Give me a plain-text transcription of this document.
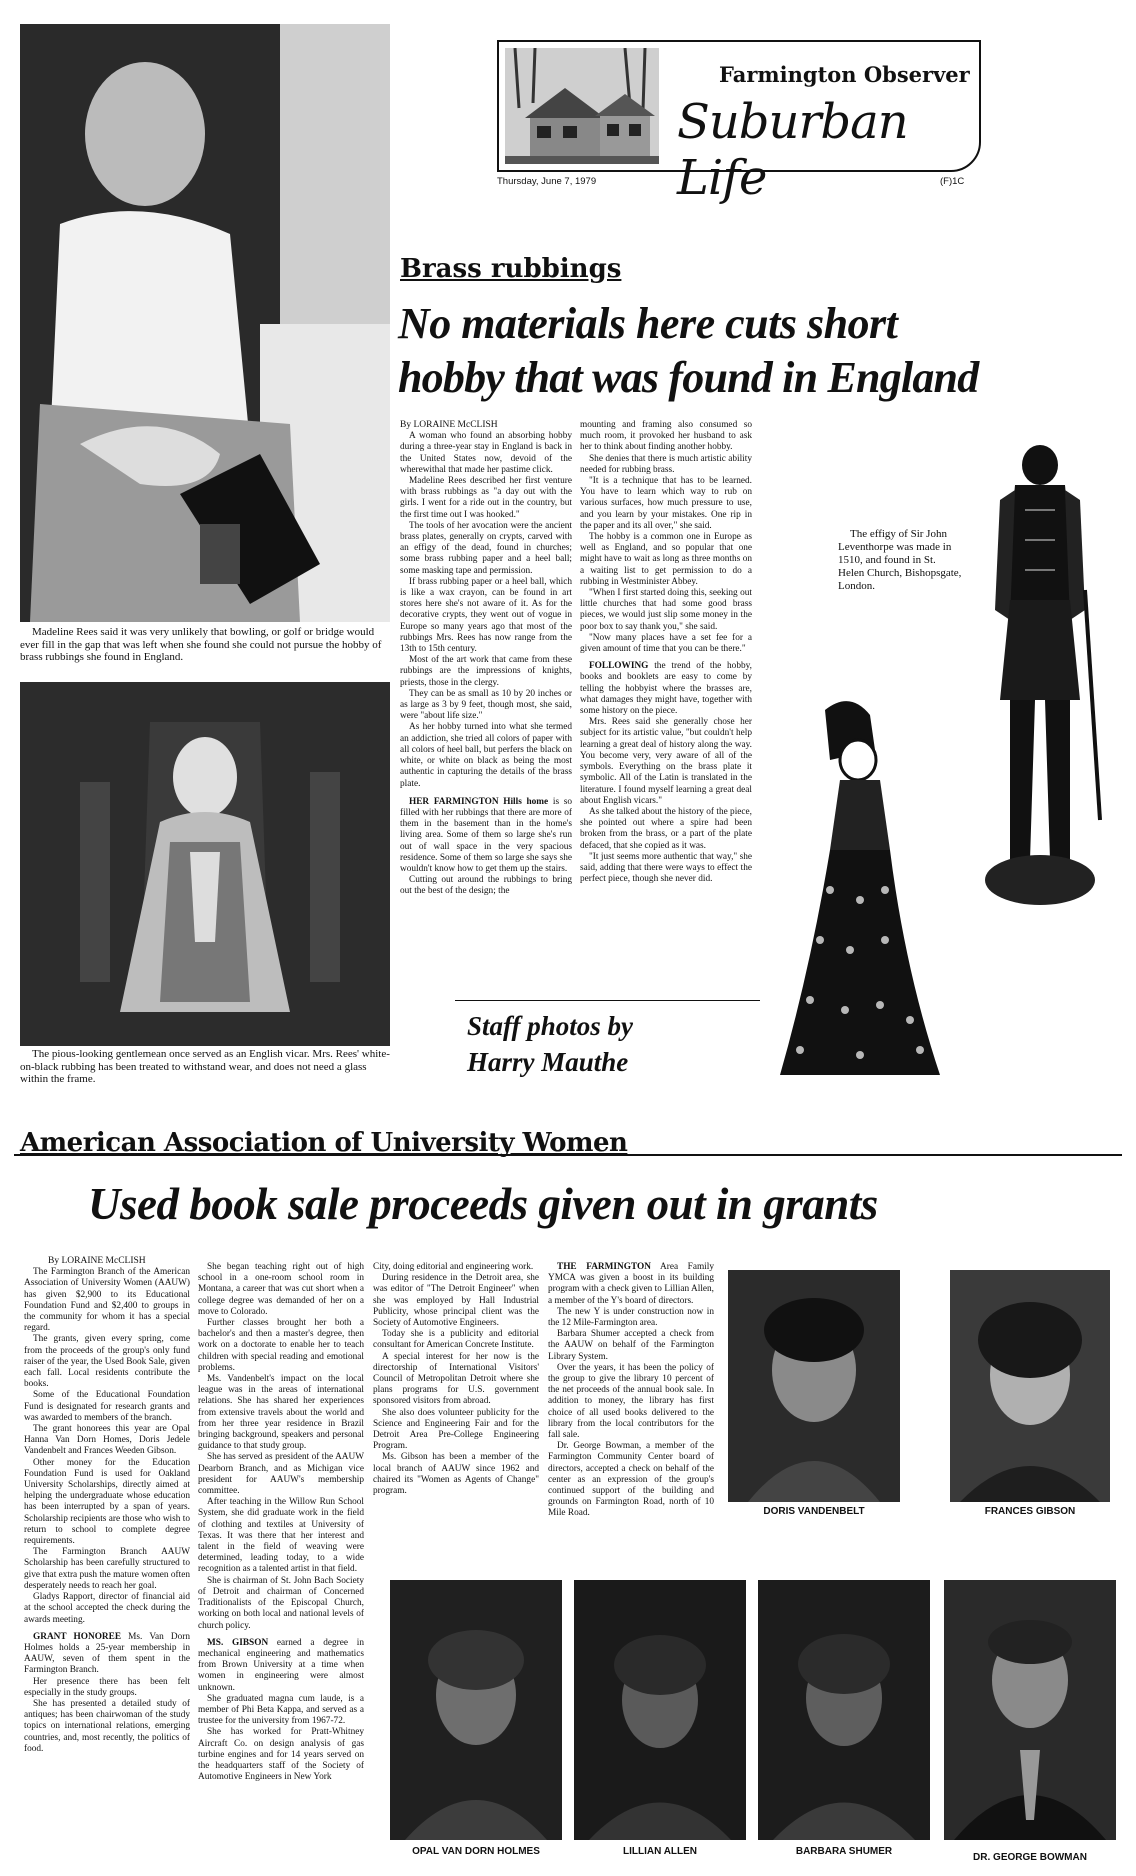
Farmington Observer
Suburban Life
Thursday, June 7, 1979	(F)1C
Brass rubbings
No materials here cuts short
hobby that was found in England
Madeline Rees said it was very unlikely that bowling, or golf or bridge would ever fill in the gap that was left when she found she could not pursue the hobby of brass rubbings she found in England.
The pious-looking gentlemean once served as an English vicar. Mrs. Rees' white-on-black rubbing has been treated to withstand wear, and does not need a glass within the frame.

By LORAINE McCLISH

A woman who found an absorbing hobby during a three-year stay in England is back in the United States now, devoid of the wherewithal that made her pastime click.

Madeline Rees described her first venture with brass rubbings as "a day out with the girls. I went for a ride out in the country, but the first time out I was hooked."

The tools of her avocation were the ancient brass plates, generally on crypts, carved with an effigy of the dead, found in churches; some brass rubbing paper and a heel ball; some masking tape and permission.

If brass rubbing paper or a heel ball, which is like a wax crayon, can be found in art stores here she's not aware of it. As for the decorative crypts, they went out of vogue in Europe so many years ago that most of the rubbings Mrs. Rees has now range from the 13th to 15th century.

Most of the art work that came from these rubbings are the impressions of knights, priests, those in the clergy.

They can be as small as 10 by 20 inches or as large as 3 by 9 feet, though most, she said, were "about life size."

As her hobby turned into what she termed an addiction, she tried all colors of paper with all colors of heel ball, but perfers the black on white, or white on black as being the most authentic in capturing the details of the brass plate.

HER FARMINGTON Hills home is so filled with her rubbings that there are more of them in the basement than in the home's living area. Some of them so large she's run out of wall space in the very spacious residence. Some of them so large she says she wouldn't know how to get them up the stairs.

Cutting out around the rubbings to bring out the best of the design; the

mounting and framing also consumed so much room, it provoked her husband to ask her to think about finding another hobby.

She denies that there is much artistic ability needed for rubbing brass.

"It is a technique that has to be learned. You have to learn which way to rub on various surfaces, how much pressure to use, and you learn by your mistakes. One rip in the paper and its all over," she said.

The hobby is a common one in Europe as well as England, and so popular that one might have to wait as long as three months on a waiting list to get permission to do a rubbing in Westminister Abbey.

"When I first started doing this, seeking out little churches that had some good brass pieces, we would just slip some money in the poor box to say thank you," she said.

"Now many places have a set fee for a given amount of time that you can be there."

FOLLOWING the trend of the hobby, books and booklets are easy to come by telling the hobbyist where the brasses are, what damages they might have, together with some history on the piece.

Mrs. Rees said she generally chose her subject for its artistic value, "but couldn't help learning a great deal of history along the way. You become very, very aware of all of the symbols. Everything on the brass plate it symbolic. All of the Latin is translated in the literature. I found myself learning a great deal about English vicars."

As she talked about the history of the piece, she pointed out where a spire had been broken from the brass, or a part of the plate defaced, that she copied as it was.

"It just seems more authentic that way," she said, adding that there were ways to effect the perfect piece, though she never did.

Staff photos by
Harry Mauthe
The effigy of Sir John Leventhorpe was made in 1510, and found in St. Helen Church, Bishopsgate, London.
American Association of University Women
Used book sale proceeds given out in grants

By LORAINE McCLISH

The Farmington Branch of the American Association of University Women (AAUW) has given $2,900 to its Educational Foundation Fund and $2,400 to groups in the community for whom it has a special regard.

The grants, given every spring, come from the proceeds of the group's only fund raiser of the year, the Used Book Sale, given each fall. Local residents contribute the books.

Some of the Educational Foundation Fund is designated for research grants and was awarded to members of the branch.

The grant honorees this year are Opal Hanna Van Dorn Homes, Doris Jedele Vandenbelt and Frances Weeden Gibson.

Other money for the Education Foundation Fund is used for Oakland University Scholarships, directly aimed at helping the undergraduate whose education has been interrupted by a span of years. Scholarship recipients are those who wish to return to school to complete degree requirements.

The Farmington Branch AAUW Scholarship has been carefully structured to give that extra push the mature women often desperately needs to reach her goal.

Gladys Rapport, director of financial aid at the school accepted the check during the awards meeting.

GRANT HONOREE Ms. Van Dorn Holmes holds a 25-year membership in AAUW, seven of them spent in the Farmington Branch.

Her presence there has been felt especially in the study groups.

She has presented a detailed study of antiques; has been chairwoman of the study topics on international relations, emerging countries, and, most recently, the politics of food.

She began teaching right out of high school in a one-room school room in Montana, a career that was cut short when a college degree was demanded of her on a move to Colorado.

Further classes brought her both a bachelor's and then a master's degree, then work on a doctorate to enable her to teach children with special reading and emotional problems.

Ms. Vandenbelt's impact on the local league was in the areas of international relations. She has shared her experiences from extensive travels about the world and from her three year residence in Brazil bringing background, speakers and personal guidance to that study group.

She has served as president of the AAUW Dearborn Branch, and as Michigan vice president for AAUW's membership committee.

After teaching in the Willow Run School System, she did graduate work in the field of clothing and textiles at University of Texas. It was there that her interest and talent in the field of weaving were determined, leading today, to a wide recognition as a talented artist in that field.

She is chairman of St. John Bach Society of Detroit and chairman of Concerned Traditionalists of the Episcopal Church, working on both local and national levels of church policy.

MS. GIBSON earned a degree in mechanical engineering and mathematics from Brown University at a time when women in engineering were almost unknown.

She graduated magna cum laude, is a member of Phi Beta Kappa, and served as a trustee for the university from 1967-72.

She has worked for Pratt-Whitney Aircraft Co. on design analysis of gas turbine engines and for 14 years served on the headquarters staff of the Society of Automotive Engineers in New York

City, doing editorial and engineering work.

During residence in the Detroit area, she was editor of "The Detroit Engineer" when she was employed by Hall Industrial Publicity, whose principal client was the Society of Automotive Engineers.

Today she is a publicity and editorial consultant for American Concrete Institute.

A special interest for her now is the directorship of International Visitors' Council of Metropolitan Detroit where she plans programs for U.S. government sponsored visitors from abroad.

She also does volunteer publicity for the Science and Engineering Fair and for the Detroit Area Pre-College Engineering Program.

Ms. Gibson has been a member of the local branch of AAUW since 1962 and chaired its "Women as Agents of Change" program.

THE FARMINGTON Area Family YMCA was given a boost in its building program with a check given to Lillian Allen, a member of the Y's board of directors.

The new Y is under construction now in the 12 Mile-Farmington area.

Barbara Shumer accepted a check from the AAUW on behalf of the Farmington Library System.

Over the years, it has been the policy of the group to give the library 10 percent of the net proceeds of the annual book sale. In addition to money, the library has first choice of all used books delivered to the library from the local contributors for the fall sale.

Dr. George Bowman, a member of the Farmington Community Center board of directors, accepted a check on behalf of the center as an expression of the group's continued support of the building and grounds on Farmington Road, north of 10 Mile Road.	DORIS VANDENBELT	FRANCES GIBSON
OPAL VAN DORN HOLMES	LILLIAN ALLEN	BARBARA SHUMER
DR. GEORGE BOWMAN
